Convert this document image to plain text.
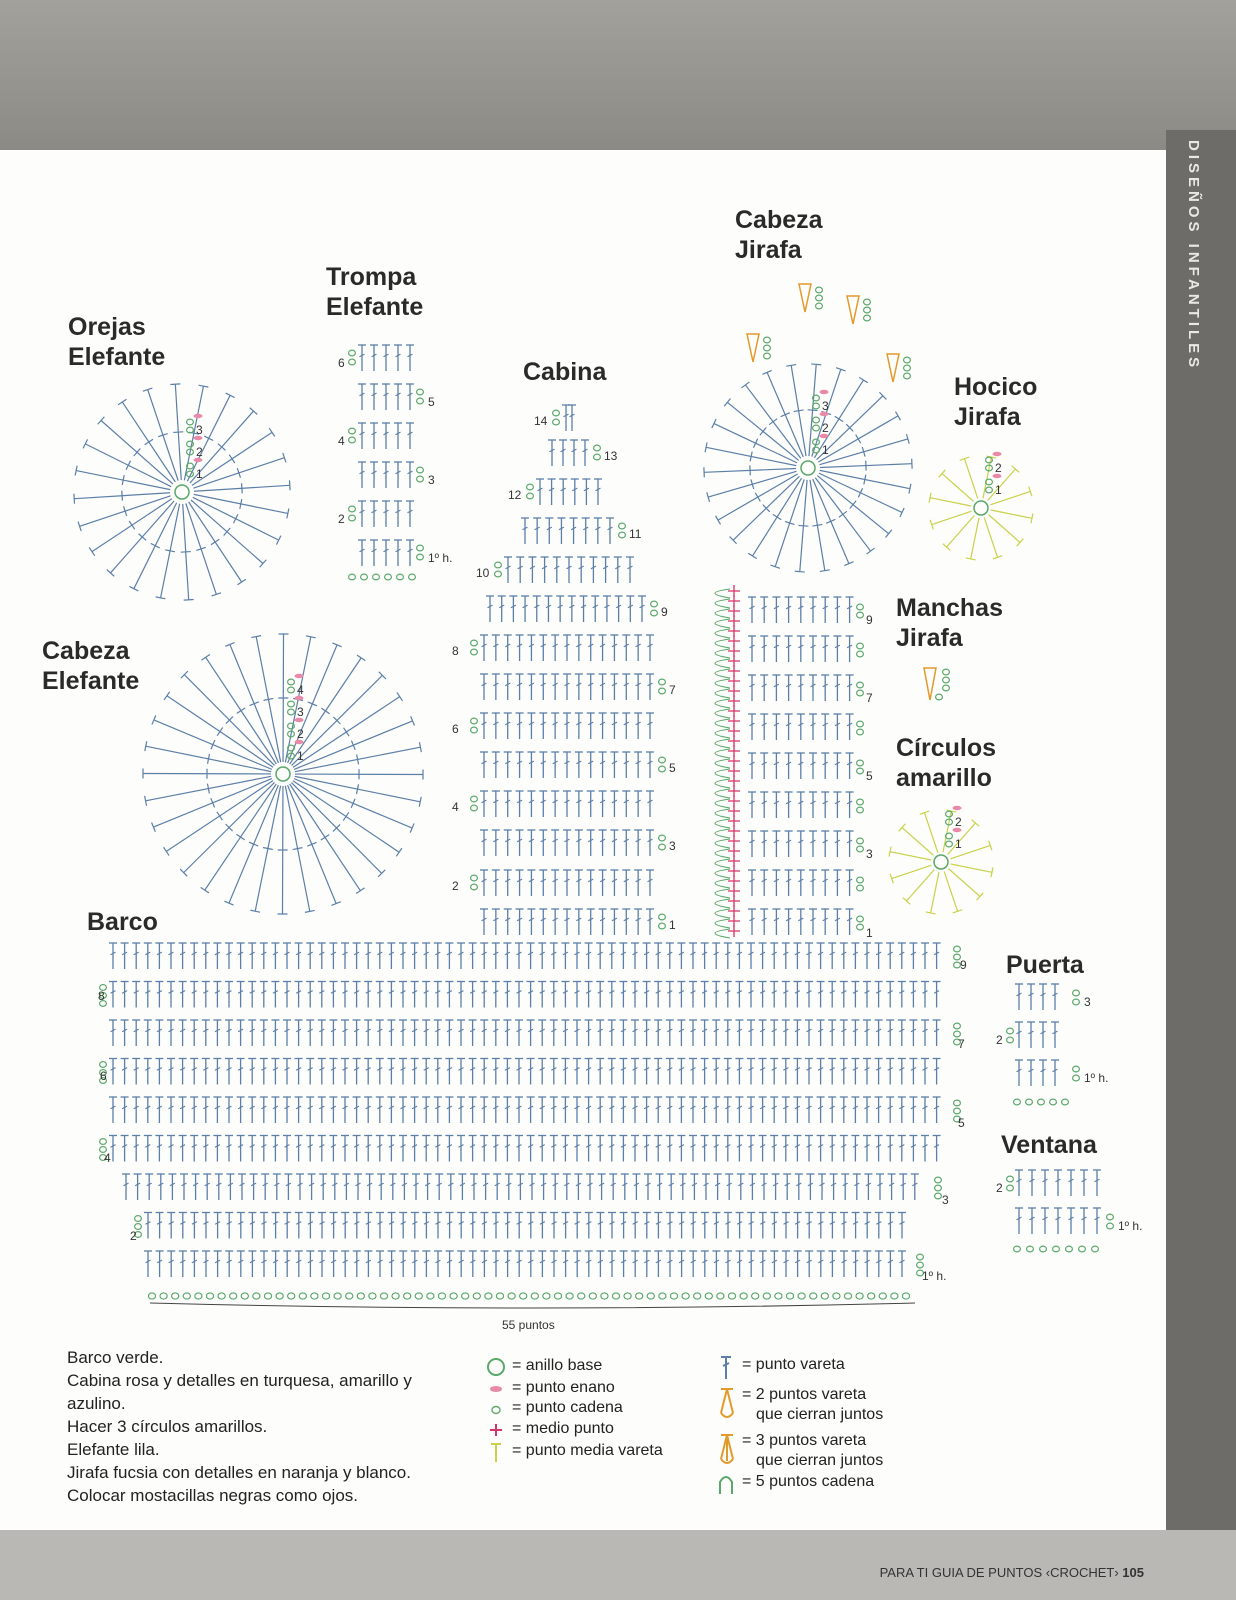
DISEÑOS INFANTILES
1º h.
2
3
4
5
6
7
8
9
55 puntos
1
2
3
4
5
6
7
8
9
10
11
12
13
14
1
3
5
7
9
1º h.
2
3
4
5
6
1º h.
2
3
1º h.
2
1
2
3
1
2
3
4
1
2
3
1
2
1
2
Orejas
Elefante
Trompa
Elefante
Cabina
Cabeza
Jirafa
Hocico
Jirafa
Cabeza
Elefante
Manchas
Jirafa
Círculos
amarillo
Barco
Puerta
Ventana
Barco verde.
Cabina rosa y detalles en turquesa, amarillo y
azulino.
Hacer 3 círculos amarillos.
Elefante lila.
Jirafa fucsia con detalles en naranja y blanco.
Colocar mostacillas negras como ojos.
= anillo base
= punto enano
= punto cadena
= medio punto
= punto media vareta
= punto vareta
= 2 puntos vareta
que cierran juntos
= 3 puntos vareta
que cierran juntos
= 5 puntos cadena
PARA TI GUIA DE PUNTOS ‹CROCHET› 105
